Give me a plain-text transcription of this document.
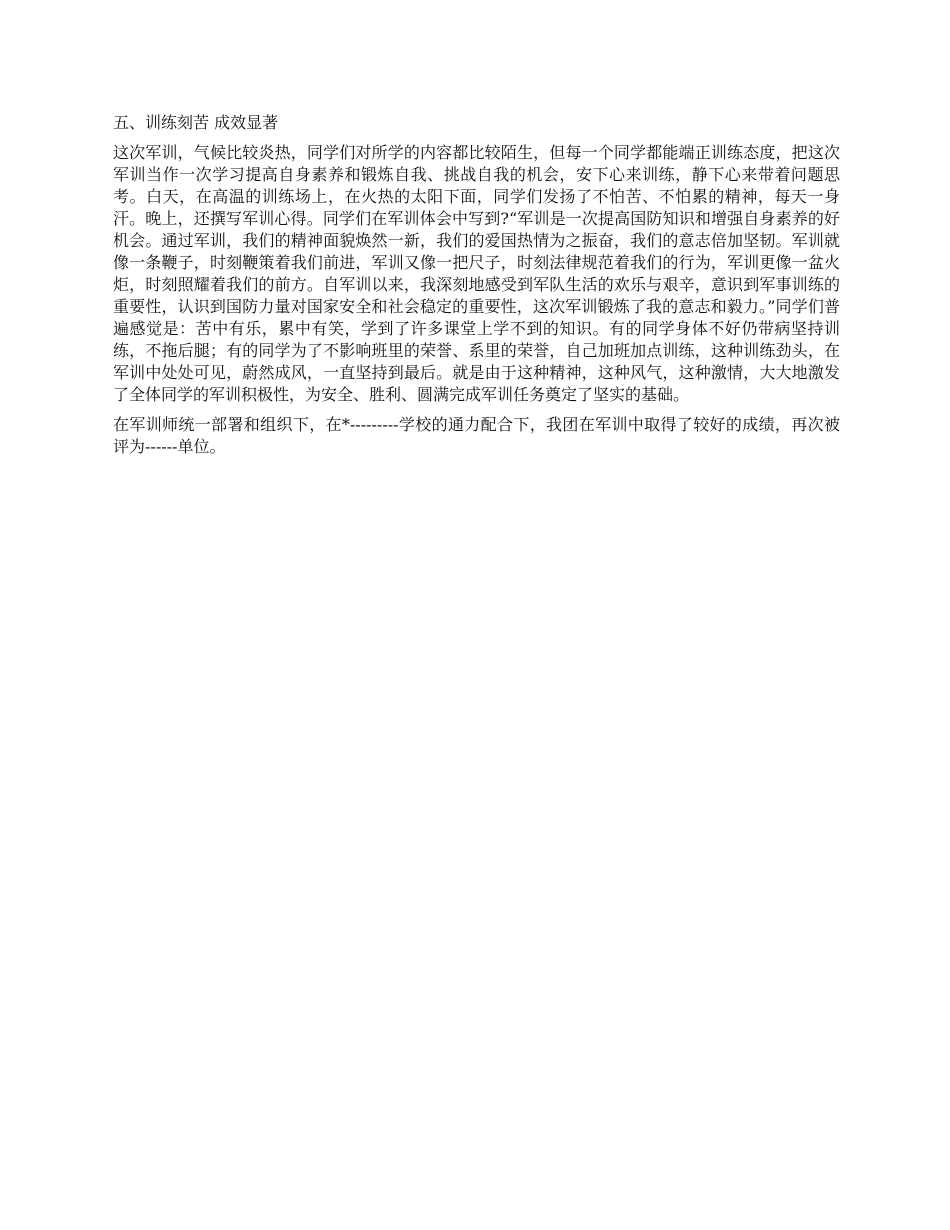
五、训练刻苦 成效显著

这次军训，气候比较炎热，同学们对所学的内容都比较陌生，但每一个同学都能端正训练态度，把这次军训当作一次学习提高自身素养和锻炼自我、挑战自我的机会，安下心来训练，静下心来带着问题思考。白天，在高温的训练场上，在火热的太阳下面，同学们发扬了不怕苦、不怕累的精神，每天一身汗。晚上，还撰写军训心得。同学们在军训体会中写到?“军训是一次提高国防知识和增强自身素养的好机会。通过军训，我们的精神面貌焕然一新，我们的爱国热情为之振奋，我们的意志倍加坚韧。军训就像一条鞭子，时刻鞭策着我们前进，军训又像一把尺子，时刻法律规范着我们的行为，军训更像一盆火炬，时刻照耀着我们的前方。自军训以来，我深刻地感受到军队生活的欢乐与艰辛，意识到军事训练的重要性，认识到国防力量对国家安全和社会稳定的重要性，这次军训锻炼了我的意志和毅力。”同学们普遍感觉是：苦中有乐，累中有笑，学到了许多课堂上学不到的知识。有的同学身体不好仍带病坚持训练，不拖后腿；有的同学为了不影响班里的荣誉、系里的荣誉，自己加班加点训练，这种训练劲头，在军训中处处可见，蔚然成风，一直坚持到最后。就是由于这种精神，这种风气，这种激情，大大地激发了全体同学的军训积极性，为安全、胜利、圆满完成军训任务奠定了坚实的基础。

在军训师统一部署和组织下，在*---------学校的通力配合下，我团在军训中取得了较好的成绩，再次被评为------单位。
